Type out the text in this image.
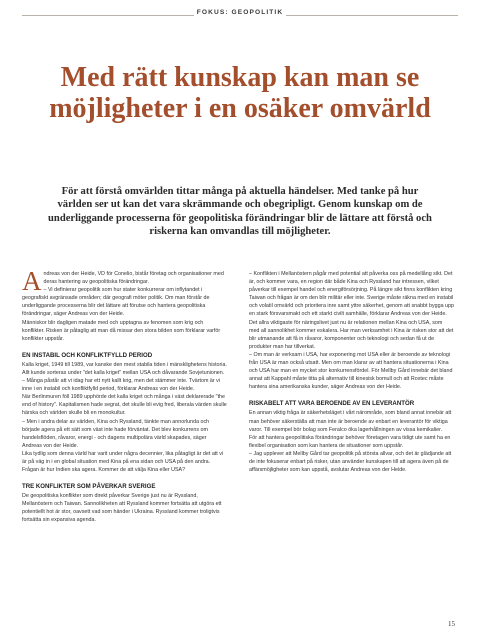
FOKUS: GEOPOLITIK
Med rätt kunskap kan man se möjligheter i en osäker omvärld

För att förstå omvärlden tittar många på aktuella händelser. Med tanke på hur världen ser ut kan det vara skrämmande och obegripligt. Genom kunskap om de underliggande processerna för geopolitiska förändringar blir de lättare att förstå och riskerna kan omvandlas till möjligheter.

Andreas von der Heide, VD för Conelio, bistår företag och organisationer med deras hantering av geopolitiska förändringar.

– Vi definierar geopolitik som hur stater konkurrerar om inflytandet i geografiskt avgränsade områden; där geografi möter politik. Om man förstår de underliggande processerna blir det lättare att förutse och hantera geopolitiska förändringar, säger Andreas von der Heide.

Människor blir dagligen matade med och upptagna av fenomen som krig och konflikter. Risken är påtaglig att man då missar den stora bilden som förklarar varför konflikter uppstår.

EN INSTABIL OCH KONFLIKTFYLLD PERIOD

Kalla kriget, 1949 till 1989, var kanske den mest stabila tiden i mänsklighetens historia. Allt kunde sorteras under "det kalla kriget" mellan USA och dåvarande Sovjetunionen.

– Många påstår att vi idag har ett nytt kallt krig, men det stämmer inte. Tvärtom är vi inne i en instabil och konfliktfylld period, förklarar Andreas von der Heide.

När Berlinmuren föll 1989 upphörde det kalla kriget och många i väst deklarerade "the end of history". Kapitalismen hade segrat, det skulle bli evig fred, liberala värden skulle härska och världen skulle bli en monokultur.

– Men i andra delar av världen, Kina och Ryssland, tänkte man annorlunda och började agera på ett sätt som väst inte hade förväntat. Det blev konkurrens om handelsflöden, råvaror, energi - och dagens multipolära värld skapades, säger Andreas von der Heide.

Lika tydlig som denna värld har varit under några decennier, lika påtagligt är det att vi är på väg in i en global situation med Kina på ena sidan och USA på den andra. Frågan är hur Indien ska agera. Kommer de att välja Kina eller USA?

TRE KONFLIKTER SOM PÅVERKAR SVERIGE

De geopolitiska konflikter som direkt påverkar Sverige just nu är Ryssland, Mellanöstern och Taiwan. Sannolikheten att Ryssland kommer fortsätta att utgöra ett potentiellt hot är stor, oavsett vad som händer i Ukraina. Ryssland kommer troligtvis fortsätta sin expansiva agenda.

– Konflikten i Mellanöstern pågår med potential att påverka oss på medellång sikt. Det är, och kommer vara, en region där både Kina och Ryssland har intressen, vilket påverkar till exempel handel och energiförsörjning. På längre sikt finns konflikten kring Taiwan och frågan är om den blir militär eller inte. Sverige måste räkna med en instabil och volatil omvärld och prioritera inre samt yttre säkerhet, genom att snabbt bygga upp en stark försvarsmakt och ett starkt civilt samhälle, förklarar Andreas von der Heide.

Det allra viktigaste för näringslivet just nu är relationen mellan Kina och USA, som med all sannolikhet kommer eskalera. Har man verksamhet i Kina är risken stor att det blir utmanande att få in råvaror, komponenter och teknologi och sedan få ut de produkter man har tillverkat.

– Om man är verksam i USA, har exponering mot USA eller är beroende av teknologi från USA är man också utsatt. Men om man klarar av att hantera situationerna i Kina och USA har man en mycket stor konkurrensfördel. För Mellby Gård innebär det bland annat att Kappahl måste titta på alternativ till kinesisk bomull och att Roxtec måste hantera sina amerikanska kunder, säger Andreas von der Heide.

RISKABELT ATT VARA BEROENDE AV EN LEVERANTÖR

En annan viktig fråga är säkerhetsläget i vårt närområde, som bland annat innebär att man behöver säkerställa att man inte är beroende av enbart en leverantör för viktiga varor. Till exempel bör bolag som Feralco öka lagerhållningen av vissa kemikalier.

För att hantera geopolitiska förändringar behöver företagen vara tidigt ute samt ha en flexibel organisation som kan hantera de situationer som uppstår.

– Jag upplever att Mellby Gård tar geopolitik på största allvar, och det är glädjande att de inte fokuserar enbart på risker, utan använder kunskapen till att agera även på de affärsmöjligheter som kan uppstå, avslutar Andreas von der Heide.

15
